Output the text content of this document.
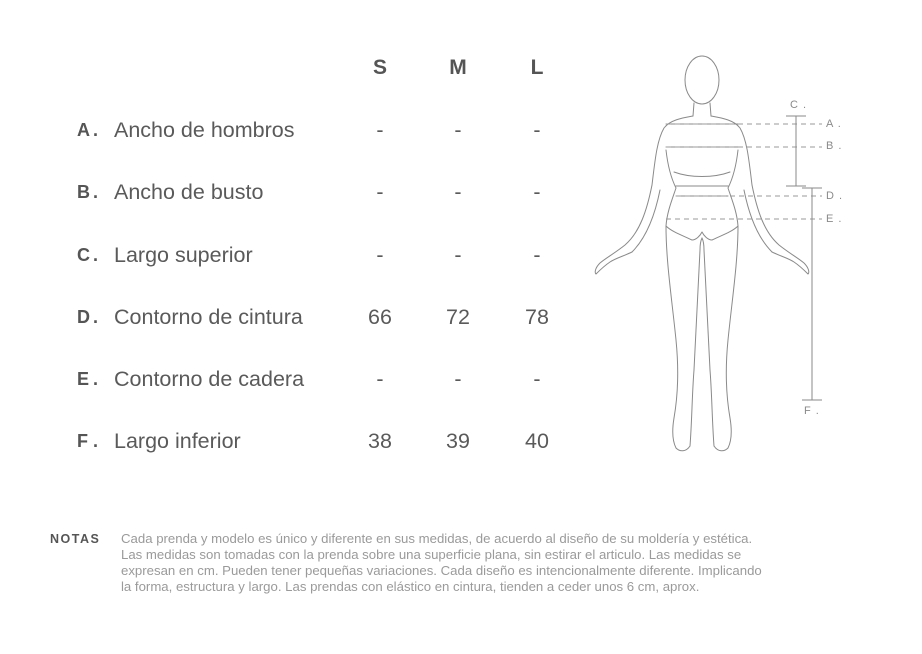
S	M	L
A . Ancho de hombros	-	-	-
B . Ancho de busto	-	-	-
C . Largo superior	-	-	-
D . Contorno de cintura	66	72	78
E . Contorno de cadera	-	-	-
F . Largo inferior	38	39	40
C .
A .
B .
D .
E .
F .
NOTAS Cada prenda y modelo es único y diferente en sus medidas, de acuerdo al diseño de su moldería y estética.
Las medidas son tomadas con la prenda sobre una superficie plana, sin estirar el articulo. Las medidas se
expresan en cm. Pueden tener pequeñas variaciones. Cada diseño es intencionalmente diferente. Implicando
la forma, estructura y largo. Las prendas con elástico en cintura, tienden a ceder unos 6 cm, aprox.
